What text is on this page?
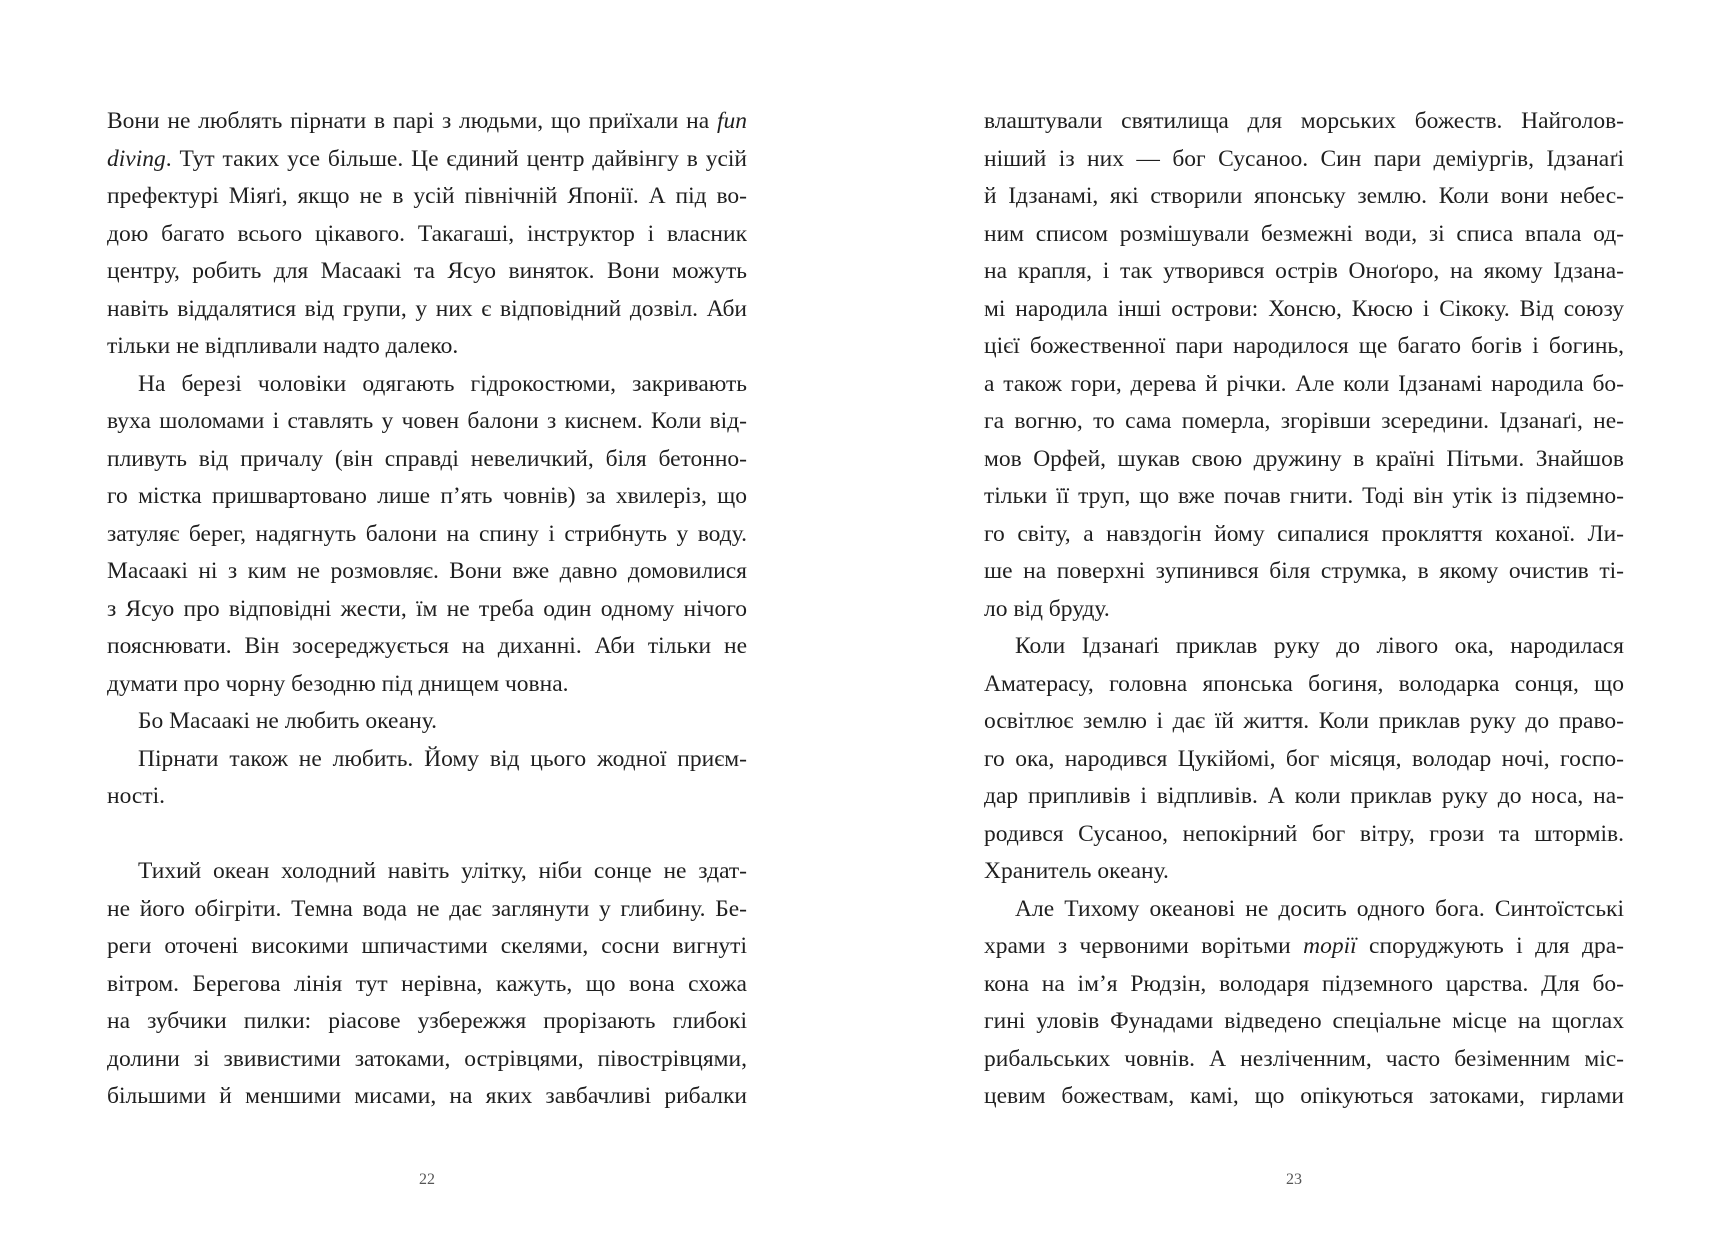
Вони не люблять пірнати в парі з людьми, що приїхали на fun
diving. Тут таких усе більше. Це єдиний центр дайвінгу в усій
префектурі Міяґі, якщо не в усій північній Японії. А під во-
дою багато всього цікавого. Такагаші, інструктор і власник
центру, робить для Масаакі та Ясуо виняток. Вони можуть
навіть віддалятися від групи, у них є відповідний дозвіл. Аби
тільки не відпливали надто далеко.
На березі чоловіки одягають гідрокостюми, закривають
вуха шоломами і ставлять у човен балони з киснем. Коли від-
пливуть від причалу (він справді невеличкий, біля бетонно-
го містка пришвартовано лише п’ять човнів) за хвилеріз, що
затуляє берег, надягнуть балони на спину і стрибнуть у воду.
Масаакі ні з ким не розмовляє. Вони вже давно домовилися
з Ясуо про відповідні жести, їм не треба один одному нічого
пояснювати. Він зосереджується на диханні. Аби тільки не
думати про чорну безодню під днищем човна.
Бо Масаакі не любить океану.
Пірнати також не любить. Йому від цього жодної приєм-
ності.
Тихий океан холодний навіть улітку, ніби сонце не здат-
не його обігріти. Темна вода не дає заглянути у глибину. Бе-
реги оточені високими шпичастими скелями, сосни вигнуті
вітром. Берегова лінія тут нерівна, кажуть, що вона схожа
на зубчики пилки: ріасове узбережжя прорізають глибокі
долини зі звивистими затоками, острівцями, півострівцями,
більшими й меншими мисами, на яких завбачливі рибалки
22
влаштували святилища для морських божеств. Найголов-
ніший із них — бог Сусаноо. Син пари деміургів, Ідзанаґі
й Ідзанамі, які створили японську землю. Коли вони небес-
ним списом розмішували безмежні води, зі списа впала од-
на крапля, і так утворився острів Оноґоро, на якому Ідзана-
мі народила інші острови: Хонсю, Кюсю і Сікоку. Від союзу
цієї божественної пари народилося ще багато богів і богинь,
а також гори, дерева й річки. Але коли Ідзанамі народила бо-
га вогню, то сама померла, згорівши зсередини. Ідзанаґі, не-
мов Орфей, шукав свою дружину в країні Пітьми. Знайшов
тільки її труп, що вже почав гнити. Тоді він утік із підземно-
го світу, а навздогін йому сипалися прокляття коханої. Ли-
ше на поверхні зупинився біля струмка, в якому очистив ті-
ло від бруду.
Коли Ідзанаґі приклав руку до лівого ока, народилася
Аматерасу, головна японська богиня, володарка сонця, що
освітлює землю і дає їй життя. Коли приклав руку до право-
го ока, народився Цукійомі, бог місяця, володар ночі, госпо-
дар припливів і відпливів. А коли приклав руку до носа, на-
родився Сусаноо, непокірний бог вітру, грози та штормів.
Хранитель океану.
Але Тихому океанові не досить одного бога. Синтоїстські
храми з червоними ворітьми торії споруджують і для дра-
кона на ім’я Рюдзін, володаря підземного царства. Для бо-
гині уловів Фунадами відведено спеціальне місце на щоглах
рибальських човнів. А незліченним, часто безіменним міс-
цевим божествам, камі, що опікуються затоками, гирлами
23
